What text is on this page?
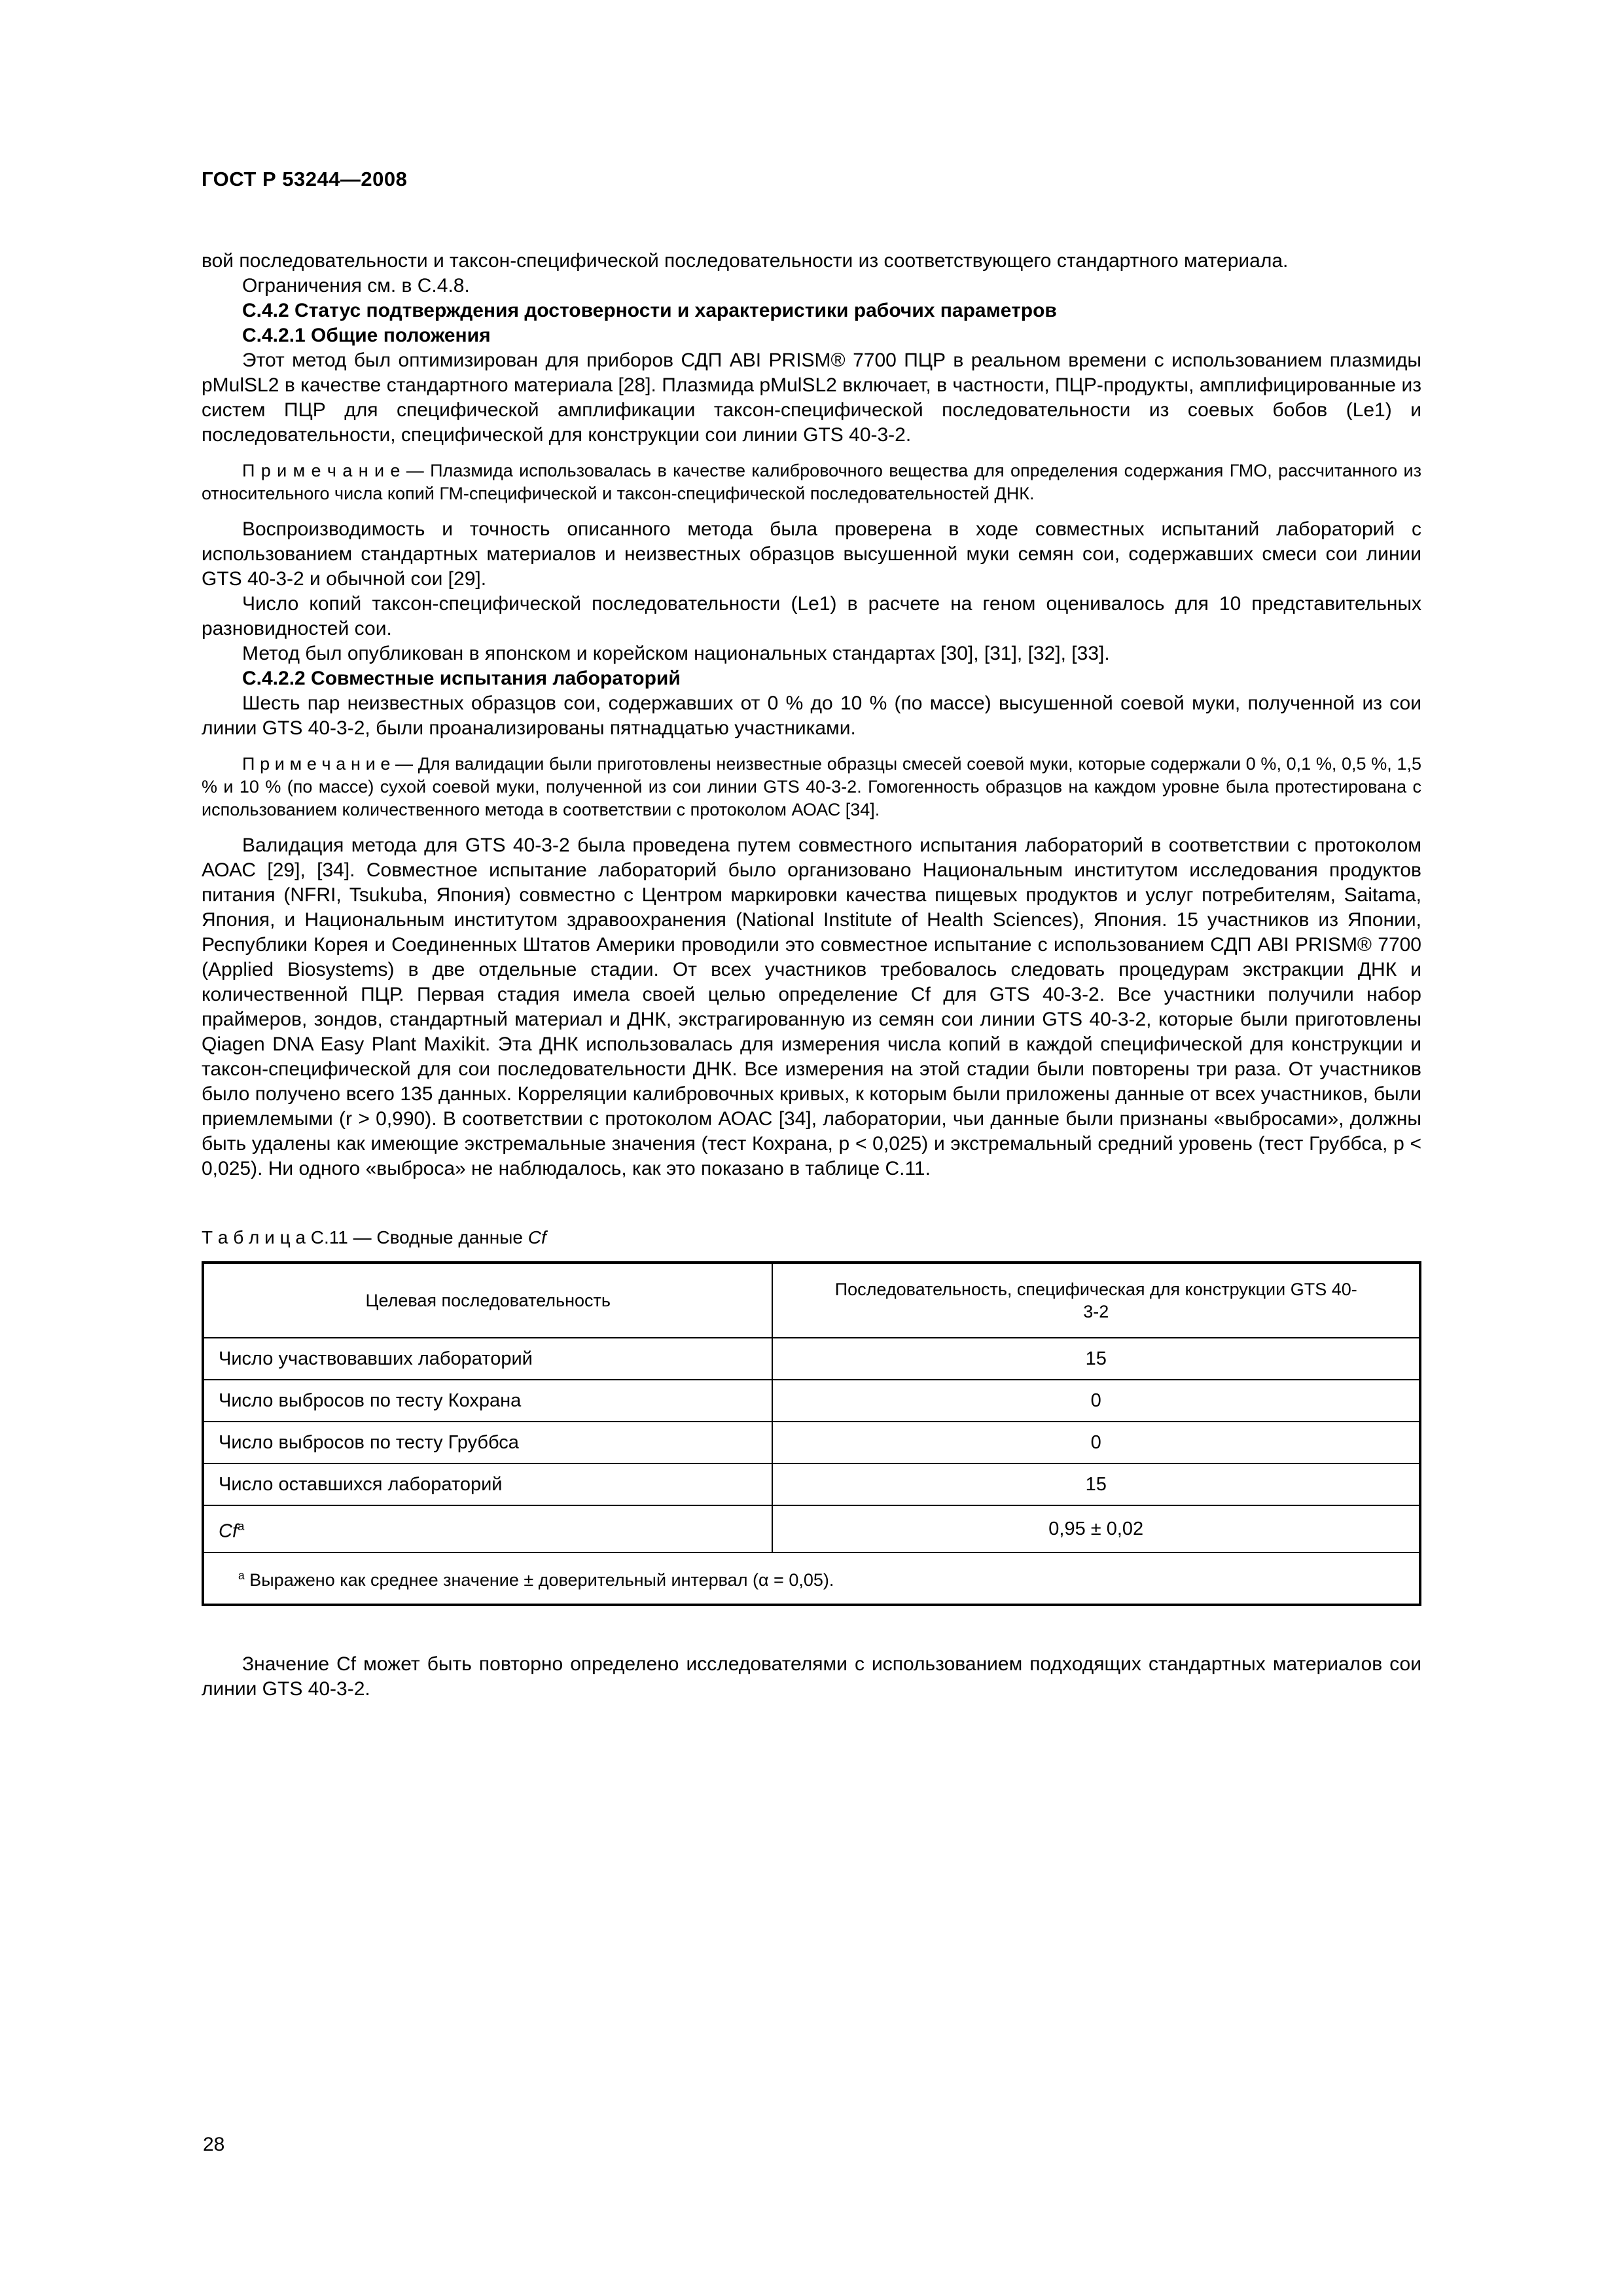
ГОСТ Р 53244—2008

вой последовательности и таксон-специфической последовательности из соответствующего стандартного материала.

Ограничения см. в С.4.8.

С.4.2 Статус подтверждения достоверности и характеристики рабочих параметров

С.4.2.1 Общие положения

Этот метод был оптимизирован для приборов СДП ABI PRISM® 7700 ПЦР в реальном времени с использованием плазмиды pMulSL2 в качестве стандартного материала [28]. Плазмида pMulSL2 включает, в частности, ПЦР-продукты, амплифицированные из систем ПЦР для специфической амплификации таксон-специфической последовательности из соевых бобов (Le1) и последовательности, специфической для конструкции сои линии GTS 40-3-2.

П р и м е ч а н и е — Плазмида использовалась в качестве калибровочного вещества для определения содержания ГМО, рассчитанного из относительного числа копий ГМ-специфической и таксон-специфической последовательностей ДНК.

Воспроизводимость и точность описанного метода была проверена в ходе совместных испытаний лабораторий с использованием стандартных материалов и неизвестных образцов высушенной муки семян сои, содержавших смеси сои линии GTS 40-3-2 и обычной сои [29].

Число копий таксон-специфической последовательности (Le1) в расчете на геном оценивалось для 10 представительных разновидностей сои.

Метод был опубликован в японском и корейском национальных стандартах [30], [31], [32], [33].

С.4.2.2 Совместные испытания лабораторий

Шесть пар неизвестных образцов сои, содержавших от 0 % до 10 % (по массе) высушенной соевой муки, полученной из сои линии GTS 40-3-2, были проанализированы пятнадцатью участниками.

П р и м е ч а н и е — Для валидации были приготовлены неизвестные образцы смесей соевой муки, которые содержали 0 %, 0,1 %, 0,5 %, 1,5 % и 10 % (по массе) сухой соевой муки, полученной из сои линии GTS 40-3-2. Гомогенность образцов на каждом уровне была протестирована с использованием количественного метода в соответствии с протоколом АОАС [34].

Валидация метода для GTS 40-3-2 была проведена путем совместного испытания лабораторий в соответствии с протоколом АОАС [29], [34]. Совместное испытание лабораторий было организовано Национальным институтом исследования продуктов питания (NFRI, Tsukuba, Япония) совместно с Центром маркировки качества пищевых продуктов и услуг потребителям, Saitama, Япония, и Национальным институтом здравоохранения (National Institute of Health Sciences), Япония. 15 участников из Японии, Республики Корея и Соединенных Штатов Америки проводили это совместное испытание с использованием СДП ABI PRISM® 7700 (Applied Biosystems) в две отдельные стадии. От всех участников требовалось следовать процедурам экстракции ДНК и количественной ПЦР. Первая стадия имела своей целью определение Cf для GTS 40-3-2. Все участники получили набор праймеров, зондов, стандартный материал и ДНК, экстрагированную из семян сои линии GTS 40-3-2, которые были приготовлены Qiagen DNA Easy Plant Maxikit. Эта ДНК использовалась для измерения числа копий в каждой специфической для конструкции и таксон-специфической для сои последовательности ДНК. Все измерения на этой стадии были повторены три раза. От участников было получено всего 135 данных. Корреляции калибровочных кривых, к которым были приложены данные от всех участников, были приемлемыми (r > 0,990). В соответствии с протоколом АОАС [34], лаборатории, чьи данные были признаны «выбросами», должны быть удалены как имеющие экстремальные значения (тест Кохрана, p < 0,025) и экстремальный средний уровень (тест Груббса, p < 0,025). Ни одного «выброса» не наблюдалось, как это показано в таблице С.11.

Т а б л и ц а С.11 — Сводные данные Cf

Целевая последовательность	Последовательность, специфическая для конструкции GTS 40-3-2

Число участвовавших лабораторий	15
Число выбросов по тесту Кохрана	0
Число выбросов по тесту Груббса	0
Число оставшихся лабораторий	15
Cf$^a$	0,95 ± 0,02
$^a$ Выражено как среднее значение ± доверительный интервал (α = 0,05).	

Значение Cf может быть повторно определено исследователями с использованием подходящих стандартных материалов сои линии GTS 40-3-2.

28
